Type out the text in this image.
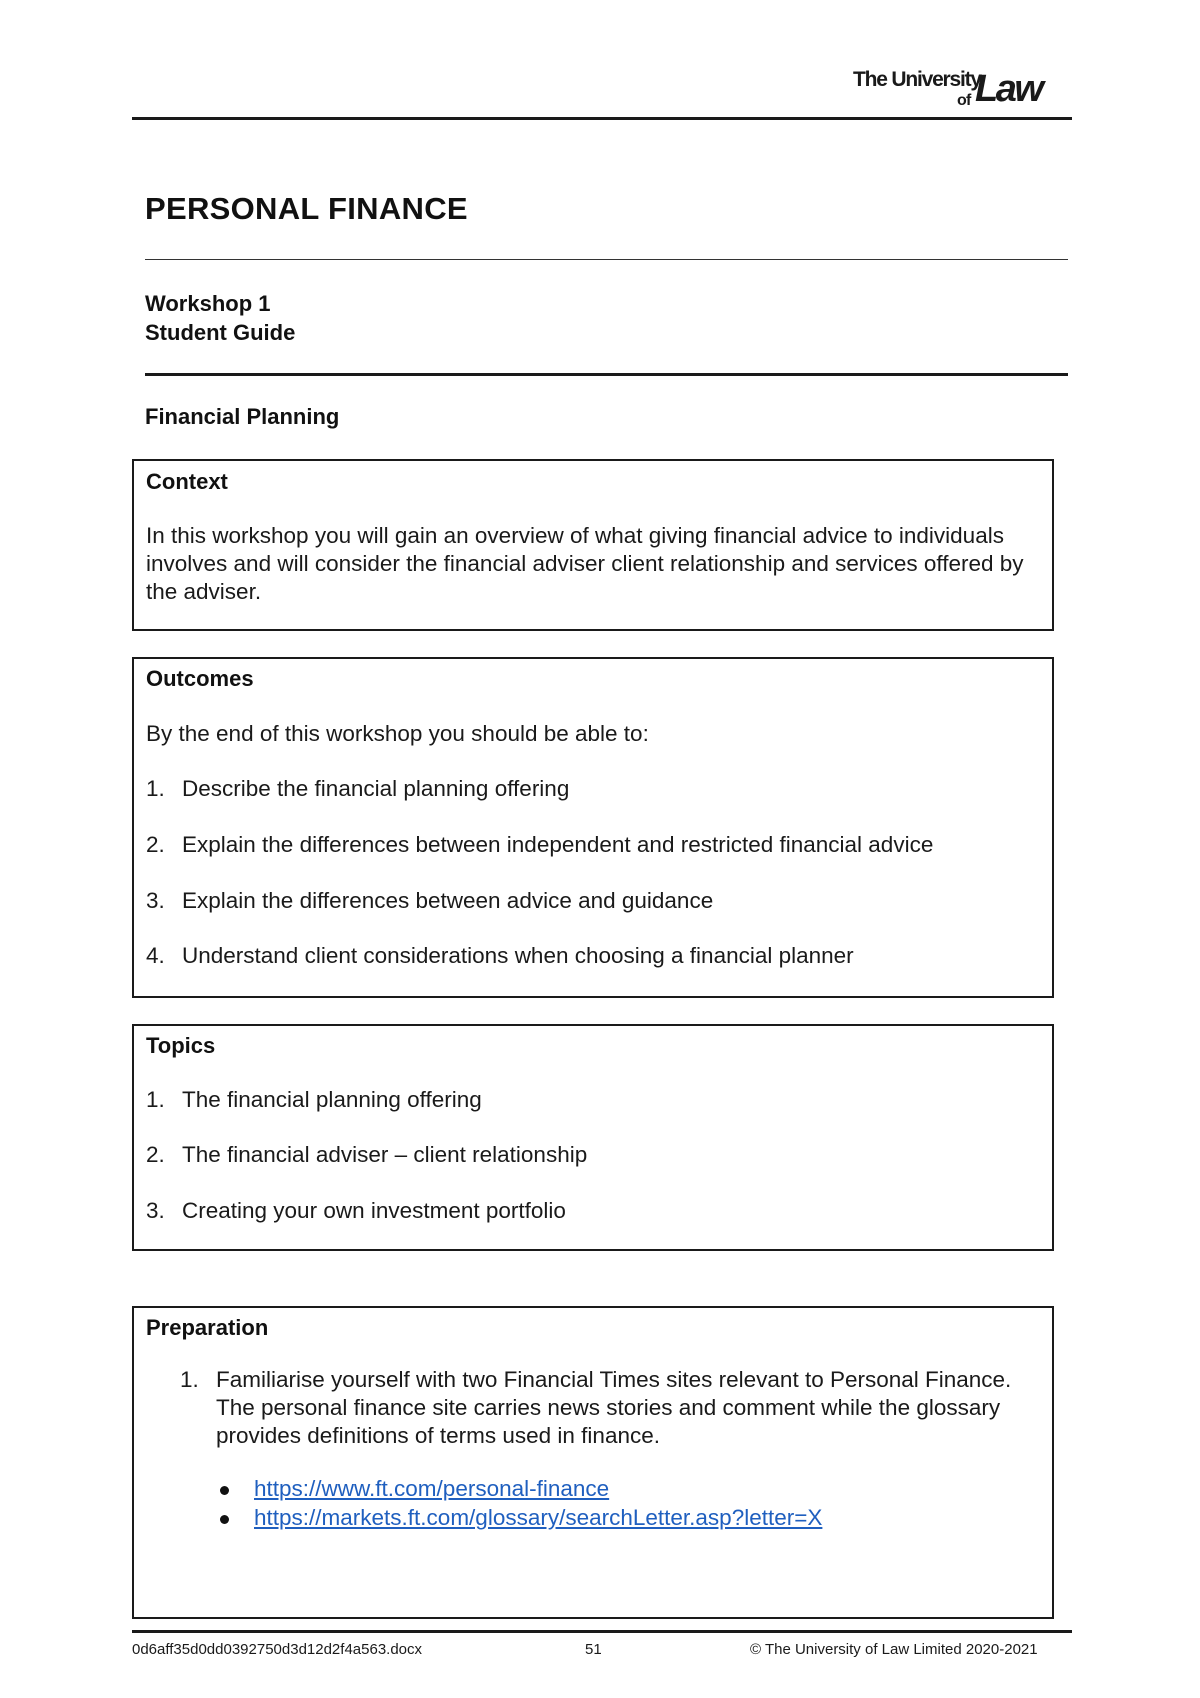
The University
of Law
PERSONAL FINANCE
Workshop 1
Student Guide
Financial Planning
Context
In this workshop you will gain an overview of what giving financial advice to individuals involves and will consider the financial adviser client relationship and services offered by the adviser.
Outcomes
By the end of this workshop you should be able to:
1. Describe the financial planning offering
2. Explain the differences between independent and restricted financial advice
3. Explain the differences between advice and guidance
4. Understand client considerations when choosing a financial planner
Topics
1. The financial planning offering
2. The financial adviser – client relationship
3. Creating your own investment portfolio
Preparation
1. Familiarise yourself with two Financial Times sites relevant to Personal Finance. The personal finance site carries news stories and comment while the glossary provides definitions of terms used in finance.
https://www.ft.com/personal-finance
https://markets.ft.com/glossary/searchLetter.asp?letter=X
0d6aff35d0dd0392750d3d12d2f4a563.docx	51	© The University of Law Limited 2020-2021
